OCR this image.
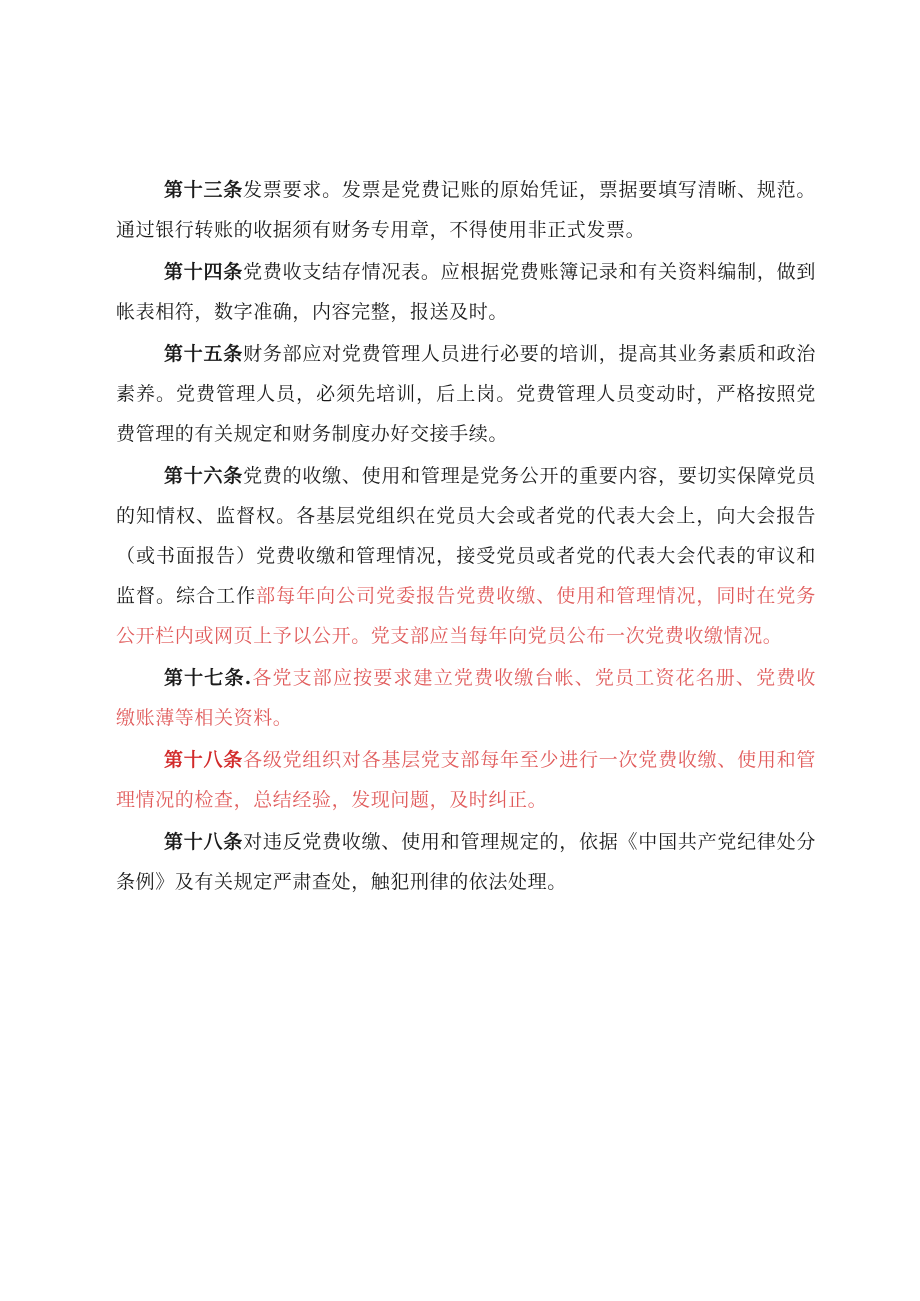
第十三条发票要求。发票是党费记账的原始凭证，票据要填写清晰、规范。通过银行转账的收据须有财务专用章，不得使用非正式发票。

第十四条党费收支结存情况表。应根据党费账簿记录和有关资料编制，做到帐表相符，数字准确，内容完整，报送及时。

第十五条财务部应对党费管理人员进行必要的培训，提高其业务素质和政治素养。党费管理人员，必须先培训，后上岗。党费管理人员变动时，严格按照党费管理的有关规定和财务制度办好交接手续。

第十六条党费的收缴、使用和管理是党务公开的重要内容，要切实保障党员的知情权、监督权。各基层党组织在党员大会或者党的代表大会上，向大会报告（或书面报告）党费收缴和管理情况，接受党员或者党的代表大会代表的审议和监督。综合工作部每年向公司党委报告党费收缴、使用和管理情况，同时在党务公开栏内或网页上予以公开。党支部应当每年向党员公布一次党费收缴情况。

第十七条.各党支部应按要求建立党费收缴台帐、党员工资花名册、党费收缴账薄等相关资料。

第十八条各级党组织对各基层党支部每年至少进行一次党费收缴、使用和管理情况的检查，总结经验，发现问题，及时纠正。

第十八条对违反党费收缴、使用和管理规定的，依据《中国共产党纪律处分条例》及有关规定严肃查处，触犯刑律的依法处理。
